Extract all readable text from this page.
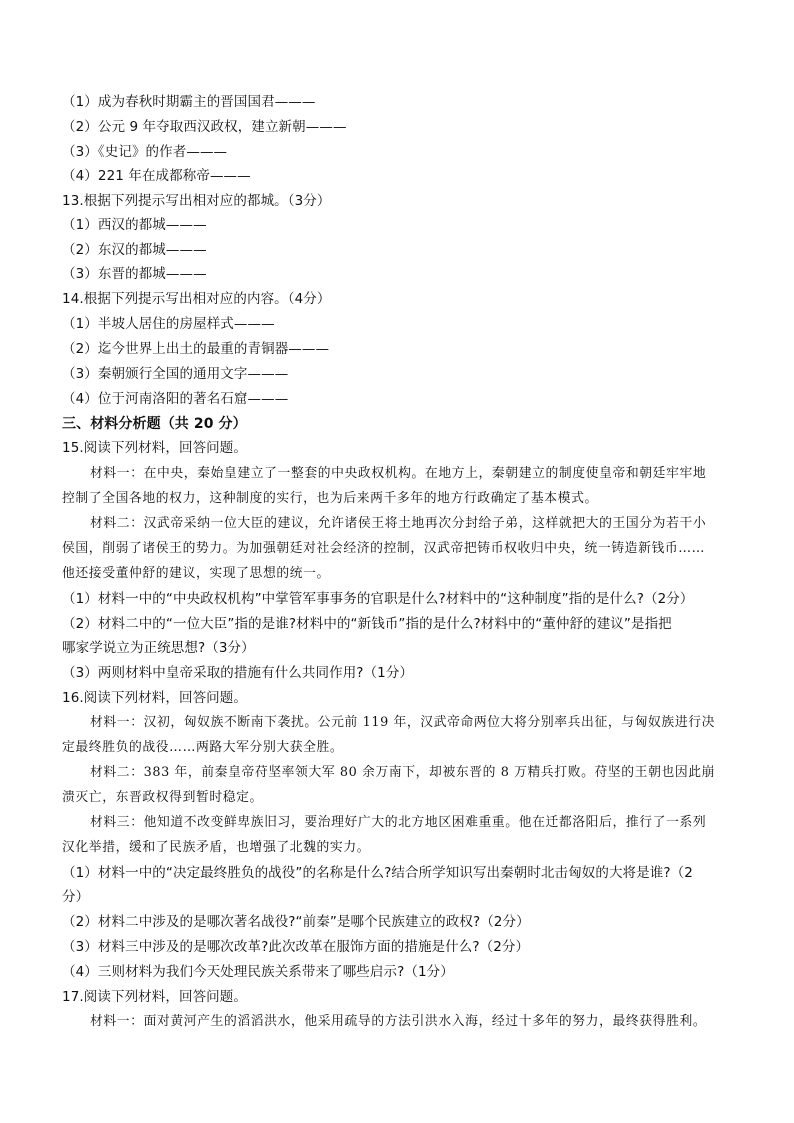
（1）成为春秋时期霸主的晋国国君———
（2）公元 9 年夺取西汉政权，建立新朝———
（3）《史记》的作者———
（4）221 年在成都称帝———
13.根据下列提示写出相对应的都城。（3分）
（1）西汉的都城———
（2）东汉的都城———
（3）东晋的都城———
14.根据下列提示写出相对应的内容。（4分）
（1）半坡人居住的房屋样式———
（2）迄今世界上出土的最重的青铜器———
（3）秦朝颁行全国的通用文字———
（4）位于河南洛阳的著名石窟———
三、材料分析题（共 20 分）
15.阅读下列材料，回答问题。
材料一：在中央，秦始皇建立了一整套的中央政权机构。在地方上，秦朝建立的制度使皇帝和朝廷牢牢地
控制了全国各地的权力，这种制度的实行，也为后来两千多年的地方行政确定了基本模式。
材料二：汉武帝采纳一位大臣的建议，允许诸侯王将土地再次分封给子弟，这样就把大的王国分为若干小
侯国，削弱了诸侯王的势力。为加强朝廷对社会经济的控制，汉武帝把铸币权收归中央，统一铸造新钱币……
他还接受董仲舒的建议，实现了思想的统一。
（1）材料一中的“中央政权机构”中掌管军事事务的官职是什么?材料中的“这种制度”指的是什么?（2分）
（2）材料二中的“一位大臣”指的是谁?材料中的“新钱币”指的是什么?材料中的“董仲舒的建议”是指把
哪家学说立为正统思想?（3分）
（3）两则材料中皇帝采取的措施有什么共同作用?（1分）
16.阅读下列材料，回答问题。
材料一：汉初，匈奴族不断南下袭扰。公元前 119 年，汉武帝命两位大将分别率兵出征，与匈奴族进行决
定最终胜负的战役……两路大军分别大获全胜。
材料二：383 年，前秦皇帝苻坚率领大军 80 余万南下，却被东晋的 8 万精兵打败。苻坚的王朝也因此崩
溃灭亡，东晋政权得到暂时稳定。
材料三：他知道不改变鲜卑族旧习，要治理好广大的北方地区困难重重。他在迁都洛阳后，推行了一系列
汉化举措，缓和了民族矛盾，也增强了北魏的实力。
（1）材料一中的“决定最终胜负的战役”的名称是什么?结合所学知识写出秦朝时北击匈奴的大将是谁?（2
分）
（2）材料二中涉及的是哪次著名战役?“前秦”是哪个民族建立的政权?（2分）
（3）材料三中涉及的是哪次改革?此次改革在服饰方面的措施是什么?（2分）
（4）三则材料为我们今天处理民族关系带来了哪些启示?（1分）
17.阅读下列材料，回答问题。
材料一：面对黄河产生的滔滔洪水，他采用疏导的方法引洪水入海，经过十多年的努力，最终获得胜利。
